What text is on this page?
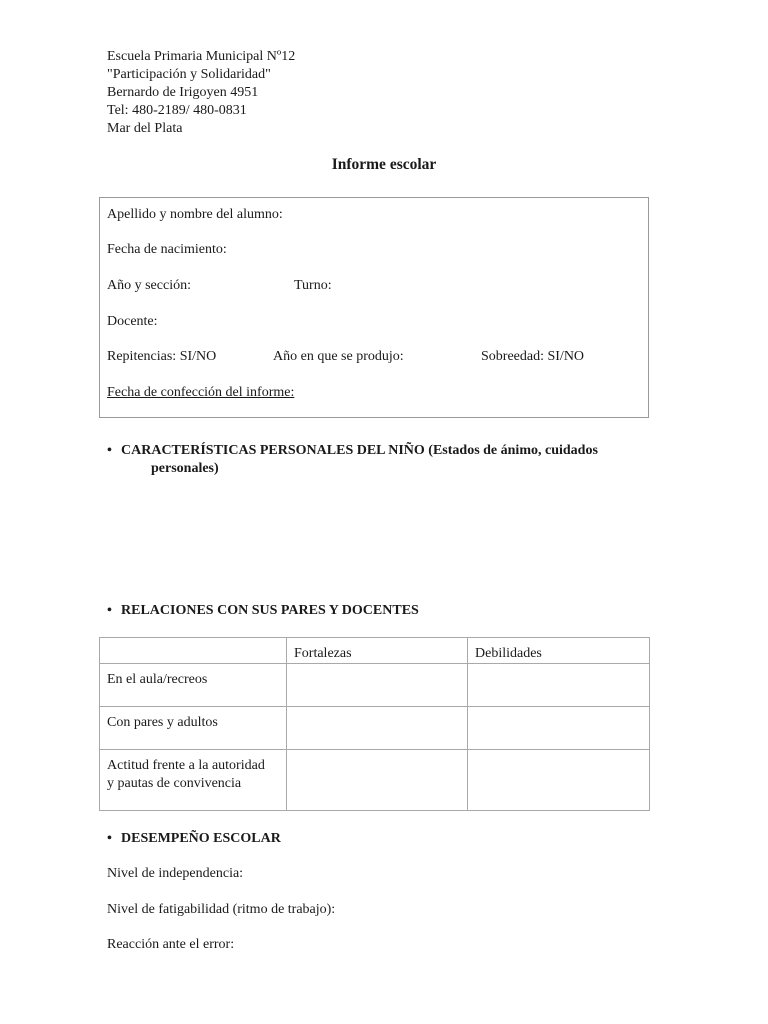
Escuela Primaria Municipal Nº12
"Participación y Solidaridad"
Bernardo de Irigoyen 4951
Tel: 480-2189/ 480-0831
Mar del Plata
Informe escolar
Apellido y nombre del alumno:
Fecha de nacimiento:
Año y sección:	Turno:
Docente:
Repitencias: SI/NO	Año en que se produjo:	Sobreedad: SI/NO
Fecha de confección del informe:
• CARACTERÍSTICAS PERSONALES DEL NIÑO (Estados de ánimo, cuidados
personales)
• RELACIONES CON SUS PARES Y DOCENTES
	Fortalezas	Debilidades
En el aula/recreos		
Con pares y adultos		

Actitud frente a la autoridad
y pautas de convivencia		

• DESEMPEÑO ESCOLAR
Nivel de independencia:
Nivel de fatigabilidad (ritmo de trabajo):
Reacción ante el error:
